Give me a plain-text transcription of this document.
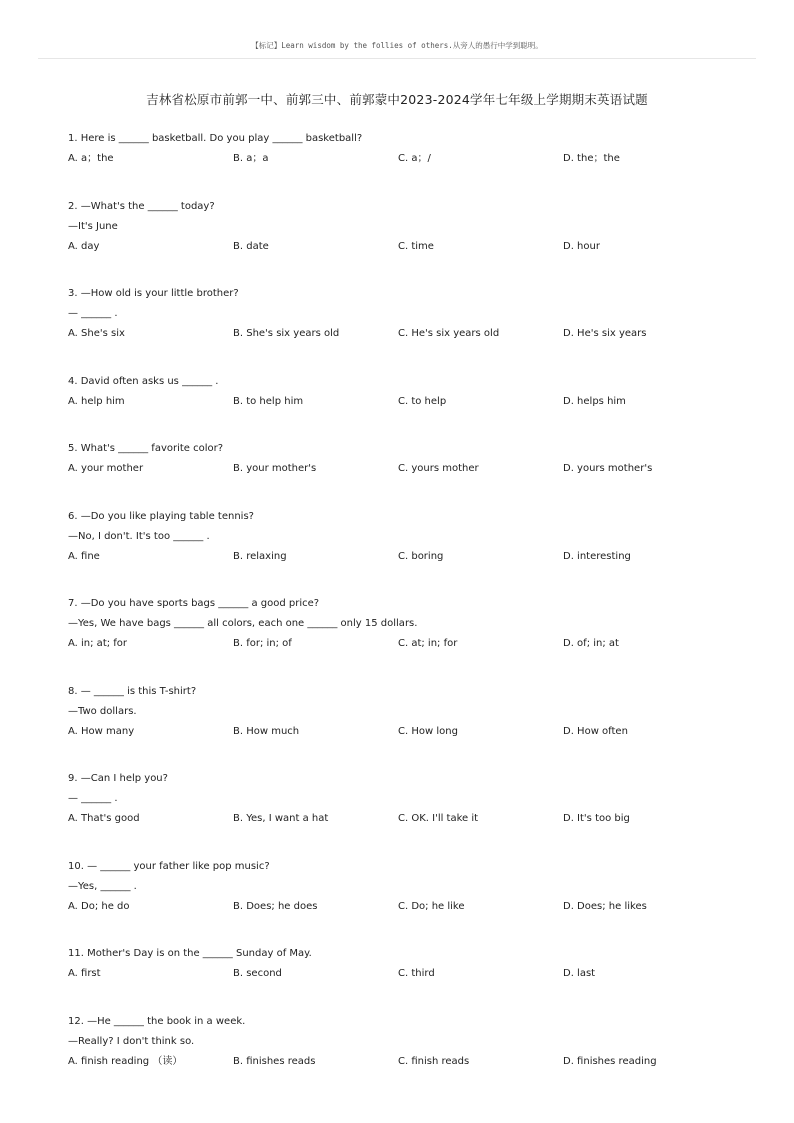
【标记】Learn wisdom by the follies of others.从旁人的愚行中学到聪明。
吉林省松原市前郭一中、前郭三中、前郭蒙中2023-2024学年七年级上学期期末英语试题
1. Here is ______ basketball. Do you play ______ basketball?
A. a；the	B. a；a	C. a；/	D. the；the
2. —What's the ______ today?
—It's June
A. day	B. date	C. time	D. hour
3. —How old is your little brother?
— ______ .
A. She's six	B. She's six years old	C. He's six years old	D. He's six years
4. David often asks us ______ .
A. help him	B. to help him	C. to help	D. helps him
5. What's ______ favorite color?
A. your mother	B. your mother's	C. yours mother	D. yours mother's
6. —Do you like playing table tennis?
—No, I don't. It's too ______ .
A. fine	B. relaxing	C. boring	D. interesting
7. —Do you have sports bags ______ a good price?
—Yes, We have bags ______ all colors, each one ______ only 15 dollars.
A. in; at; for	B. for; in; of	C. at; in; for	D. of; in; at
8. — ______ is this T-shirt?
—Two dollars.
A. How many	B. How much	C. How long	D. How often
9. —Can I help you?
— ______ .
A. That's good	B. Yes, I want a hat	C. OK. I'll take it	D. It's too big
10. — ______ your father like pop music?
—Yes, ______ .
A. Do; he do	B. Does; he does	C. Do; he like	D. Does; he likes
11. Mother's Day is on the ______ Sunday of May.
A. first	B. second	C. third	D. last
12. —He ______ the book in a week.
—Really? I don't think so.
A. finish reading （读）	B. finishes reads	C. finish reads	D. finishes reading
